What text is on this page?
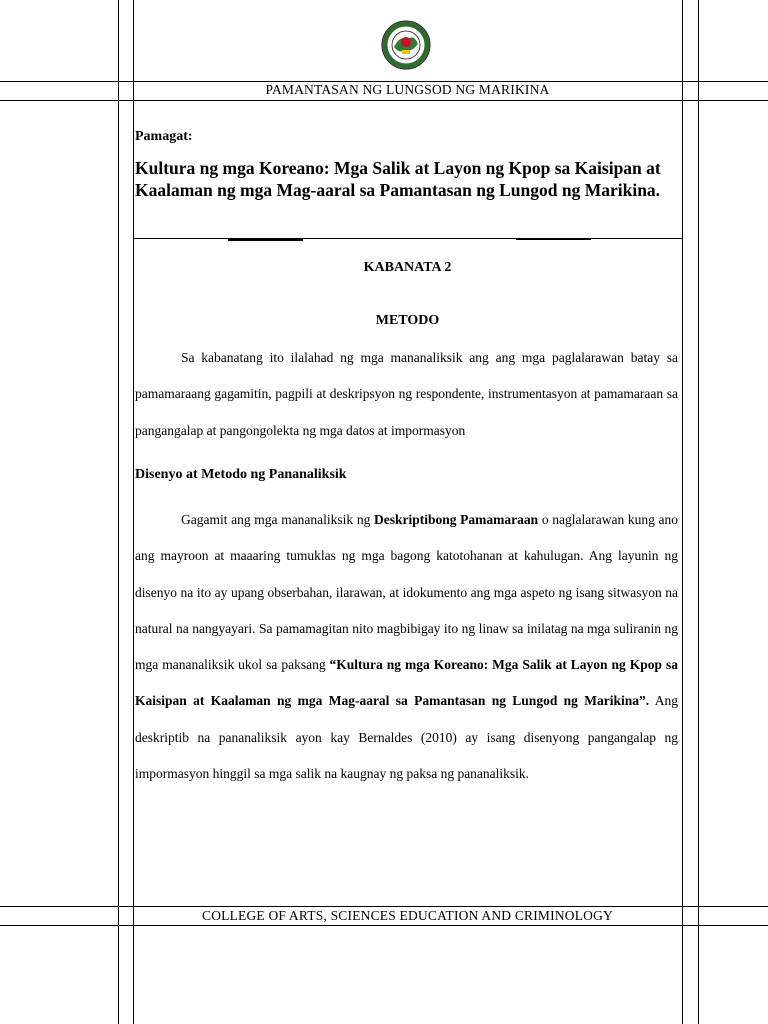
★
PAMANTASAN NG LUNGSOD NG MARIKINA
Pamagat:
Kultura ng mga Koreano: Mga Salik at Layon ng Kpop sa Kaisipan at Kaalaman ng mga Mag-aaral sa Pamantasan ng Lungod ng Marikina.
KABANATA 2
METODO
Sa kabanatang ito ilalahad ng mga mananaliksik ang ang mga paglalarawan batay sa pamamaraang gagamitin, pagpili at deskripsyon ng respondente, instrumentasyon at pamamaraan sa pangangalap at pangongolekta ng mga datos at impormasyon
Disenyo at Metodo ng Pananaliksik
Gagamit ang mga mananaliksik ng Deskriptibong Pamamaraan o naglalarawan kung ano ang mayroon at maaaring tumuklas ng mga bagong katotohanan at kahulugan. Ang layunin ng disenyo na ito ay upang obserbahan, ilarawan, at idokumento ang mga aspeto ng isang sitwasyon na natural na nangyayari. Sa pamamagitan nito magbibigay ito ng linaw sa inilatag na mga suliranin ng mga mananaliksik ukol sa paksang “Kultura ng mga Koreano: Mga Salik at Layon ng Kpop sa Kaisipan at Kaalaman ng mga Mag-aaral sa Pamantasan ng Lungod ng Marikina”. Ang deskriptib na pananaliksik ayon kay Bernaldes (2010) ay isang disenyong pangangalap ng impormasyon hinggil sa mga salik na kaugnay ng paksa ng pananaliksik.
COLLEGE OF ARTS, SCIENCES EDUCATION AND CRIMINOLOGY
